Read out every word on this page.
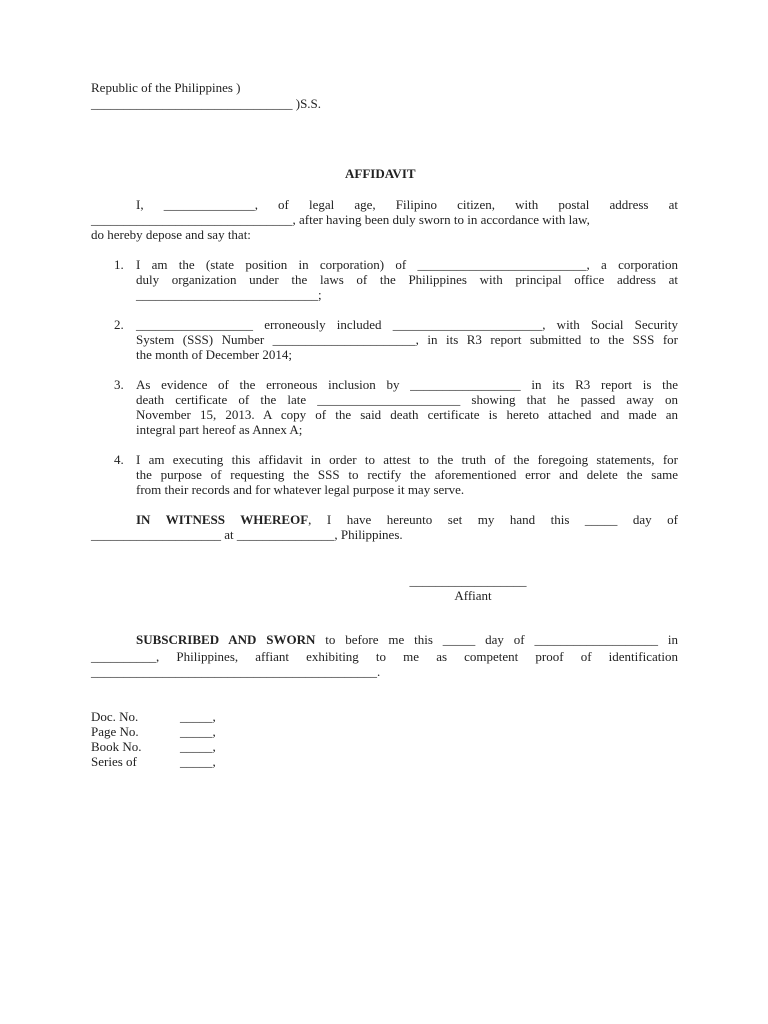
Republic of the Philippines )
_______________________________ )S.S.
AFFIDAVIT
I, ______________, of legal age, Filipino citizen, with postal address at
_______________________________, after having been duly sworn to in accordance with law,
do hereby depose and say that:
1. I am the (state position in corporation) of __________________________, a corporation
duly organization under the laws of the Philippines with principal office address at
____________________________;
2. __________________ erroneously included _______________________, with Social Security
System (SSS) Number ______________________, in its R3 report submitted to the SSS for
the month of December 2014;
3. As evidence of the erroneous inclusion by _________________ in its R3 report is the
death certificate of the late ______________________ showing that he passed away on
November 15, 2013. A copy of the said death certificate is hereto attached and made an
integral part hereof as Annex A;
4. I am executing this affidavit in order to attest to the truth of the foregoing statements, for
the purpose of requesting the SSS to rectify the aforementioned error and delete the same
from their records and for whatever legal purpose it may serve.
IN WITNESS WHEREOF, I have hereunto set my hand this _____ day of
____________________ at _______________, Philippines.
__________________
Affiant
SUBSCRIBED AND SWORN to before me this _____ day of ___________________ in
__________, Philippines, affiant exhibiting to me as competent proof of identification
____________________________________________.
Doc. No.	_____,
Page No.	_____,
Book No.	_____,
Series of	_____,
